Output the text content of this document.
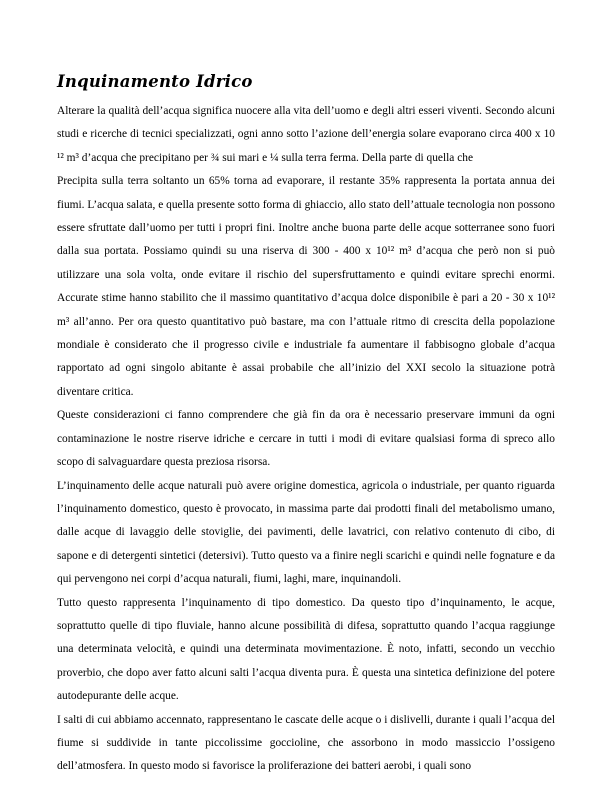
Inquinamento Idrico

Alterare la qualità dell’acqua significa nuocere alla vita dell’uomo e degli altri esseri viventi. Secondo alcuni studi e ricerche di tecnici specializzati, ogni anno sotto l’azione dell’energia solare evaporano circa 400 x 10 ¹² m³ d’acqua che precipitano per ¾ sui mari e ¼ sulla terra ferma. Della parte di quella che

Precipita sulla terra soltanto un 65% torna ad evaporare, il restante 35% rappresenta la portata annua dei fiumi. L’acqua salata, e quella presente sotto forma di ghiaccio, allo stato dell’attuale tecnologia non possono essere sfruttate dall’uomo per tutti i propri fini. Inoltre anche buona parte delle acque sotterranee sono fuori dalla sua portata. Possiamo quindi su una riserva di 300 - 400 x 10¹² m³ d’acqua che però non si può utilizzare una sola volta, onde evitare il rischio del supersfruttamento e quindi evitare sprechi enormi. Accurate stime hanno stabilito che il massimo quantitativo d’acqua dolce disponibile è pari a 20 - 30 x 10¹² m³ all’anno. Per ora questo quantitativo può bastare, ma con l’attuale ritmo di crescita della popolazione mondiale è considerato che il progresso civile e industriale fa aumentare il fabbisogno globale d’acqua rapportato ad ogni singolo abitante è assai probabile che all’inizio del XXI secolo la situazione potrà diventare critica.

Queste considerazioni ci fanno comprendere che già fin da ora è necessario preservare immuni da ogni contaminazione le nostre riserve idriche e cercare in tutti i modi di evitare qualsiasi forma di spreco allo scopo di salvaguardare questa preziosa risorsa.

L’inquinamento delle acque naturali può avere origine domestica, agricola o industriale, per quanto riguarda l’inquinamento domestico, questo è provocato, in massima parte dai prodotti finali del metabolismo umano, dalle acque di lavaggio delle stoviglie, dei pavimenti, delle lavatrici, con relativo contenuto di cibo, di sapone e di detergenti sintetici (detersivi). Tutto questo va a finire negli scarichi e quindi nelle fognature e da qui pervengono nei corpi d’acqua naturali, fiumi, laghi, mare, inquinandoli.

Tutto questo rappresenta l’inquinamento di tipo domestico. Da questo tipo d’inquinamento, le acque, soprattutto quelle di tipo fluviale, hanno alcune possibilità di difesa, soprattutto quando l’acqua raggiunge una determinata velocità, e quindi una determinata movimentazione. È noto, infatti, secondo un vecchio proverbio, che dopo aver fatto alcuni salti l’acqua diventa pura. È questa una sintetica definizione del potere autodepurante delle acque.

I salti di cui abbiamo accennato, rappresentano le cascate delle acque o i dislivelli, durante i quali l’acqua del fiume si suddivide in tante piccolissime goccioline, che assorbono in modo massiccio l’ossigeno dell’atmosfera. In questo modo si favorisce la proliferazione dei batteri aerobi, i quali sono
